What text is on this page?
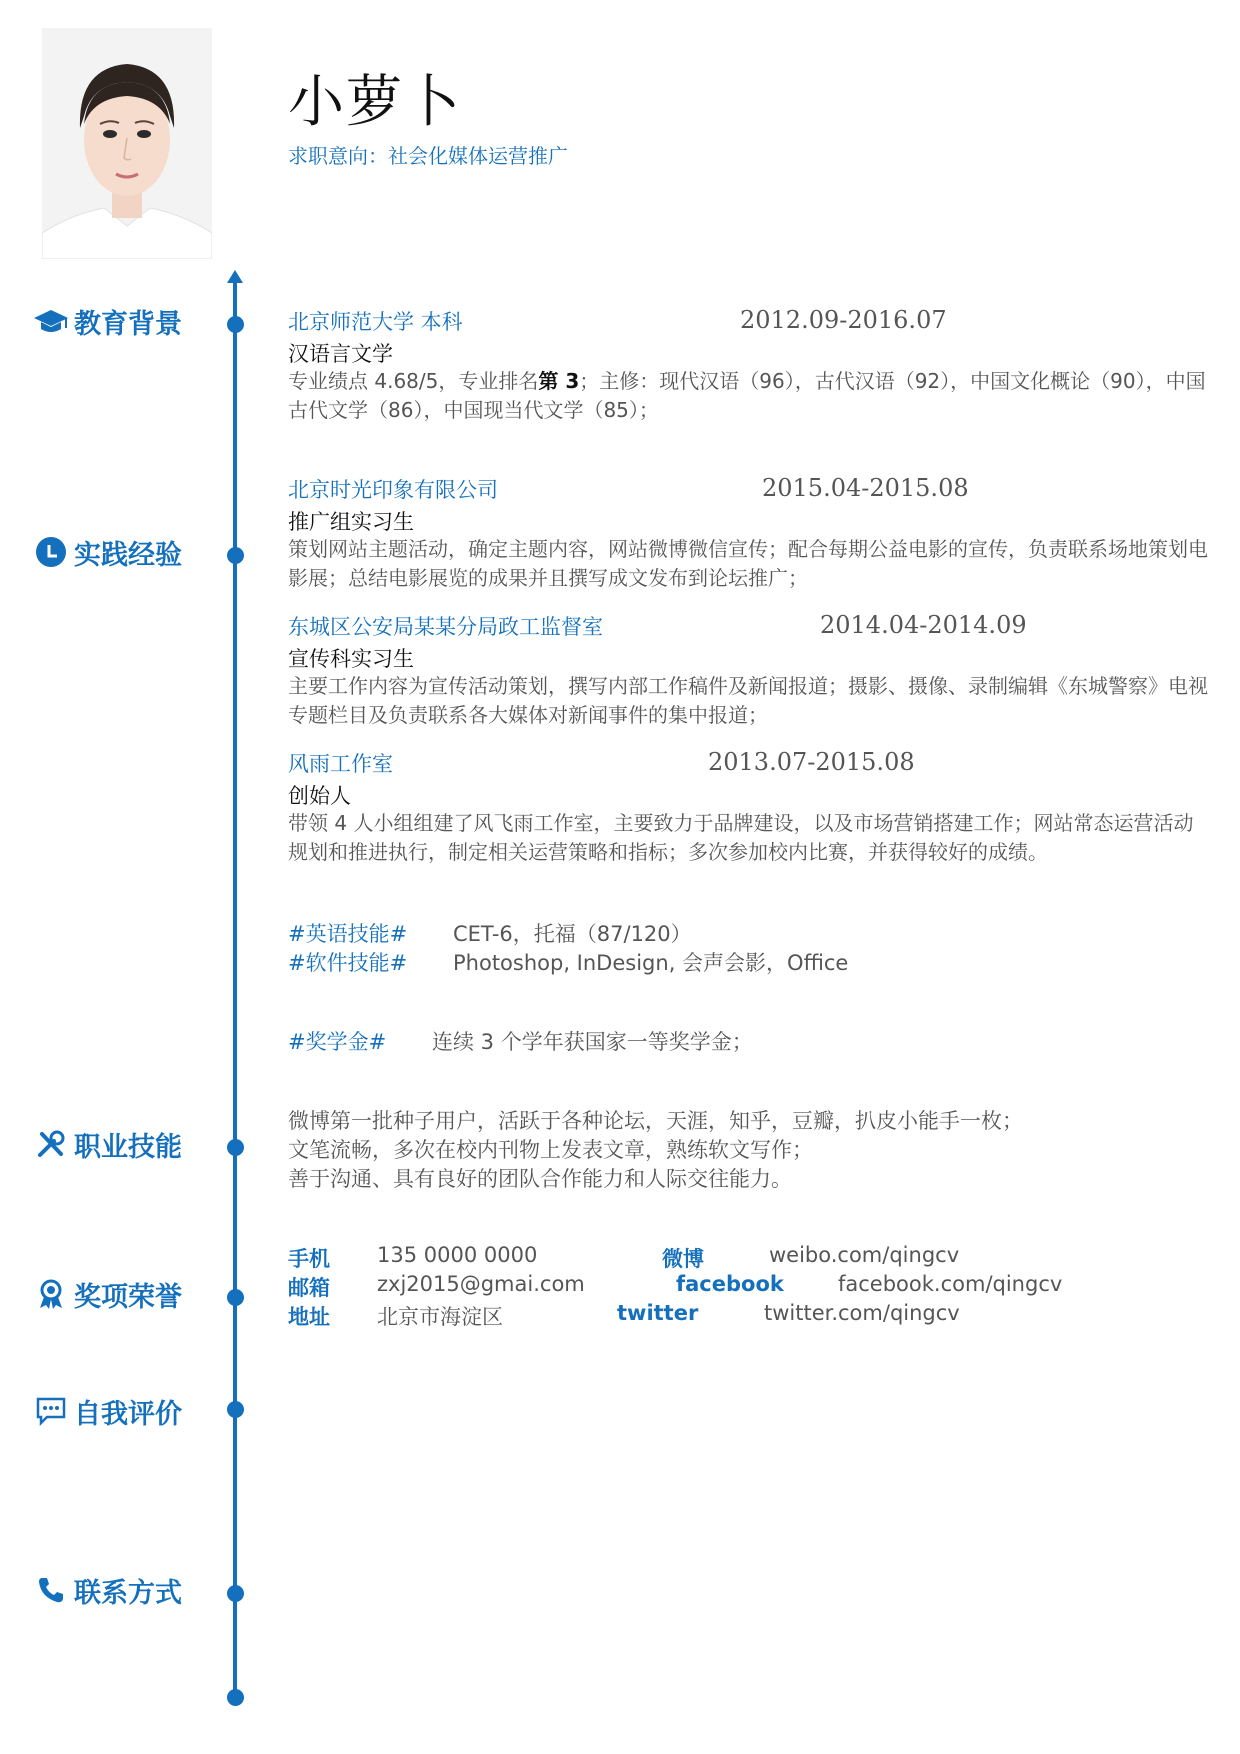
小萝卜
求职意向：社会化媒体运营推广
教育背景
实践经验
职业技能
奖项荣誉
自我评价
联系方式
北京师范大学 本科	2012.09-2016.07
汉语言文学
专业绩点 4.68/5，专业排名第 3；主修：现代汉语（96），古代汉语（92），中国文化概论（90），中国古代文学（86），中国现当代文学（85）；
北京时光印象有限公司	2015.04-2015.08
推广组实习生
策划网站主题活动，确定主题内容，网站微博微信宣传；配合每期公益电影的宣传，负责联系场地策划电影展；总结电影展览的成果并且撰写成文发布到论坛推广；
东城区公安局某某分局政工监督室	2014.04-2014.09
宣传科实习生
主要工作内容为宣传活动策划，撰写内部工作稿件及新闻报道；摄影、摄像、录制编辑《东城警察》电视专题栏目及负责联系各大媒体对新闻事件的集中报道；
风雨工作室	2013.07-2015.08
创始人
带领 4 人小组组建了风飞雨工作室，主要致力于品牌建设，以及市场营销搭建工作；网站常态运营活动规划和推进执行，制定相关运营策略和指标；多次参加校内比赛，并获得较好的成绩。
#英语技能# CET-6，托福（87/120）
#软件技能# Photoshop, InDesign, 会声会影，Office
#奖学金# 连续 3 个学年获国家一等奖学金；
微博第一批种子用户，活跃于各种论坛，天涯，知乎，豆瓣，扒皮小能手一枚；
文笔流畅，多次在校内刊物上发表文章，熟练软文写作；
善于沟通、具有良好的团队合作能力和人际交往能力。
手机 135 0000 0000	微博	weibo.com/qingcv
邮箱 zxj2015@gmai.com	facebook	facebook.com/qingcv
地址 北京市海淀区	twitter	twitter.com/qingcv
